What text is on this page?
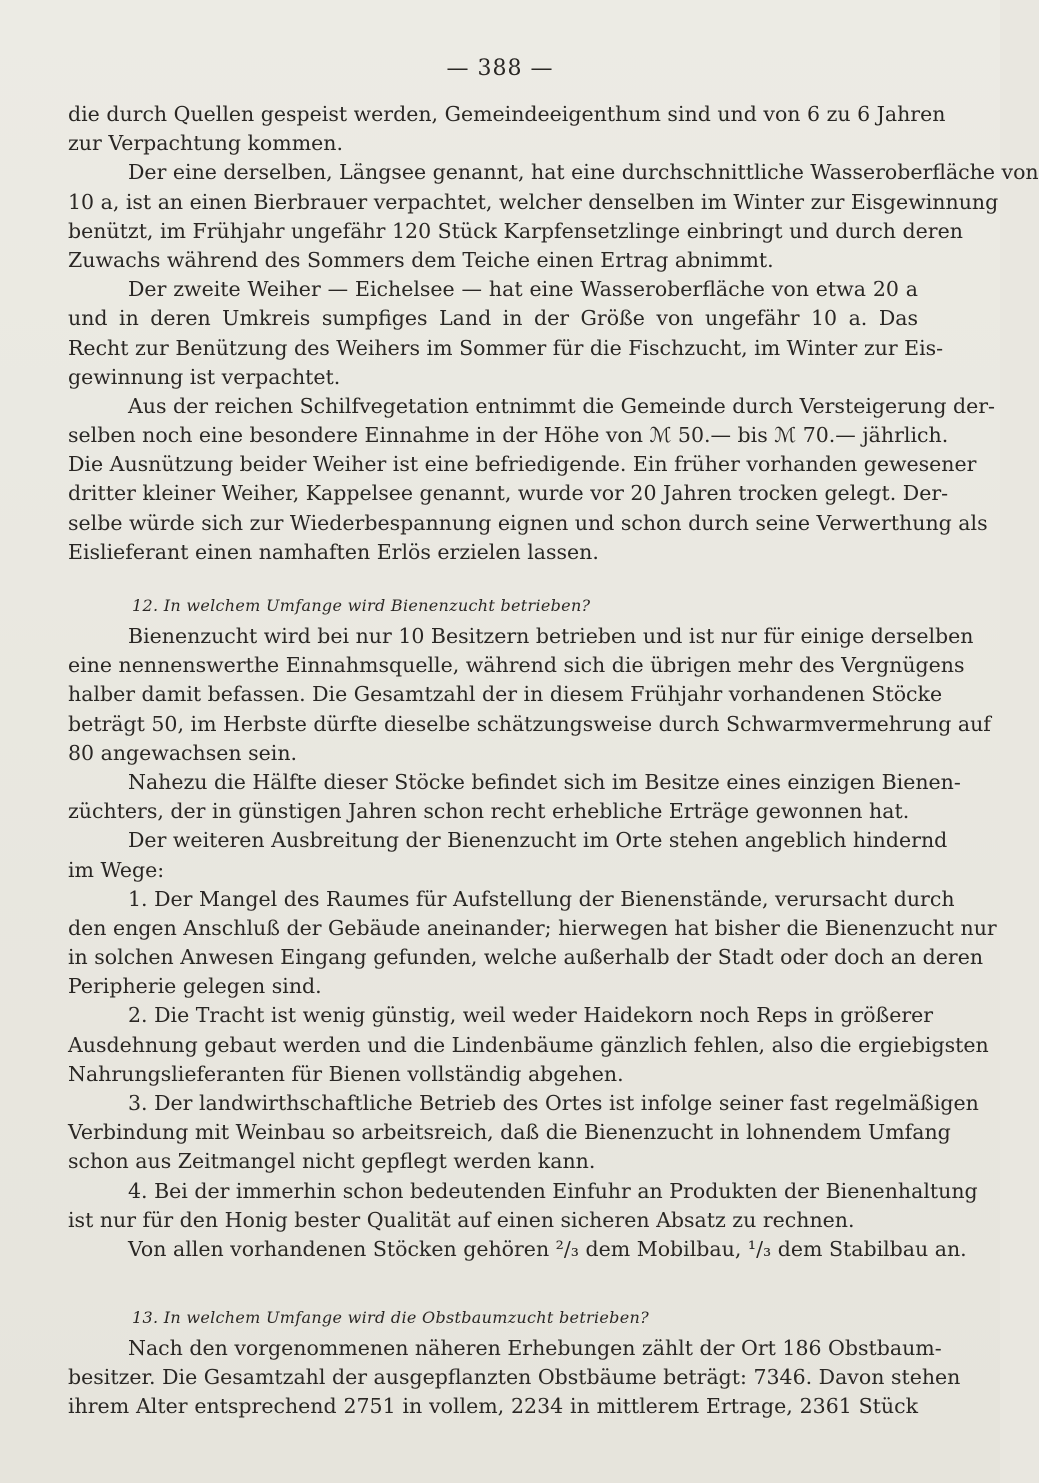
— 388 —
die durch Quellen gespeist werden, Gemeindeeigenthum sind und von 6 zu 6 Jahren
zur Verpachtung kommen.
Der eine derselben, Längsee genannt, hat eine durchschnittliche Wasseroberfläche von
10 a, ist an einen Bierbrauer verpachtet, welcher denselben im Winter zur Eisgewinnung
benützt, im Frühjahr ungefähr 120 Stück Karpfensetzlinge einbringt und durch deren
Zuwachs während des Sommers dem Teiche einen Ertrag abnimmt.
Der zweite Weiher — Eichelsee — hat eine Wasseroberfläche von etwa 20 a
und in deren Umkreis sumpfiges Land in der Größe von ungefähr 10 a. Das
Recht zur Benützung des Weihers im Sommer für die Fischzucht, im Winter zur Eis-
gewinnung ist verpachtet.
Aus der reichen Schilfvegetation entnimmt die Gemeinde durch Versteigerung der-
selben noch eine besondere Einnahme in der Höhe von ℳ 50.— bis ℳ 70.— jährlich.
Die Ausnützung beider Weiher ist eine befriedigende. Ein früher vorhanden gewesener
dritter kleiner Weiher, Kappelsee genannt, wurde vor 20 Jahren trocken gelegt. Der-
selbe würde sich zur Wiederbespannung eignen und schon durch seine Verwerthung als
Eislieferant einen namhaften Erlös erzielen lassen.
12. In welchem Umfange wird Bienenzucht betrieben?
Bienenzucht wird bei nur 10 Besitzern betrieben und ist nur für einige derselben
eine nennenswerthe Einnahmsquelle, während sich die übrigen mehr des Vergnügens
halber damit befassen. Die Gesamtzahl der in diesem Frühjahr vorhandenen Stöcke
beträgt 50, im Herbste dürfte dieselbe schätzungsweise durch Schwarmvermehrung auf
80 angewachsen sein.
Nahezu die Hälfte dieser Stöcke befindet sich im Besitze eines einzigen Bienen-
züchters, der in günstigen Jahren schon recht erhebliche Erträge gewonnen hat.
Der weiteren Ausbreitung der Bienenzucht im Orte stehen angeblich hindernd
im Wege:
1. Der Mangel des Raumes für Aufstellung der Bienenstände, verursacht durch
den engen Anschluß der Gebäude aneinander; hierwegen hat bisher die Bienenzucht nur
in solchen Anwesen Eingang gefunden, welche außerhalb der Stadt oder doch an deren
Peripherie gelegen sind.
2. Die Tracht ist wenig günstig, weil weder Haidekorn noch Reps in größerer
Ausdehnung gebaut werden und die Lindenbäume gänzlich fehlen, also die ergiebigsten
Nahrungslieferanten für Bienen vollständig abgehen.
3. Der landwirthschaftliche Betrieb des Ortes ist infolge seiner fast regelmäßigen
Verbindung mit Weinbau so arbeitsreich, daß die Bienenzucht in lohnendem Umfang
schon aus Zeitmangel nicht gepflegt werden kann.
4. Bei der immerhin schon bedeutenden Einfuhr an Produkten der Bienenhaltung
ist nur für den Honig bester Qualität auf einen sicheren Absatz zu rechnen.
Von allen vorhandenen Stöcken gehören ²/₃ dem Mobilbau, ¹/₃ dem Stabilbau an.
13. In welchem Umfange wird die Obstbaumzucht betrieben?
Nach den vorgenommenen näheren Erhebungen zählt der Ort 186 Obstbaum-
besitzer. Die Gesamtzahl der ausgepflanzten Obstbäume beträgt: 7346. Davon stehen
ihrem Alter entsprechend 2751 in vollem, 2234 in mittlerem Ertrage, 2361 Stück
